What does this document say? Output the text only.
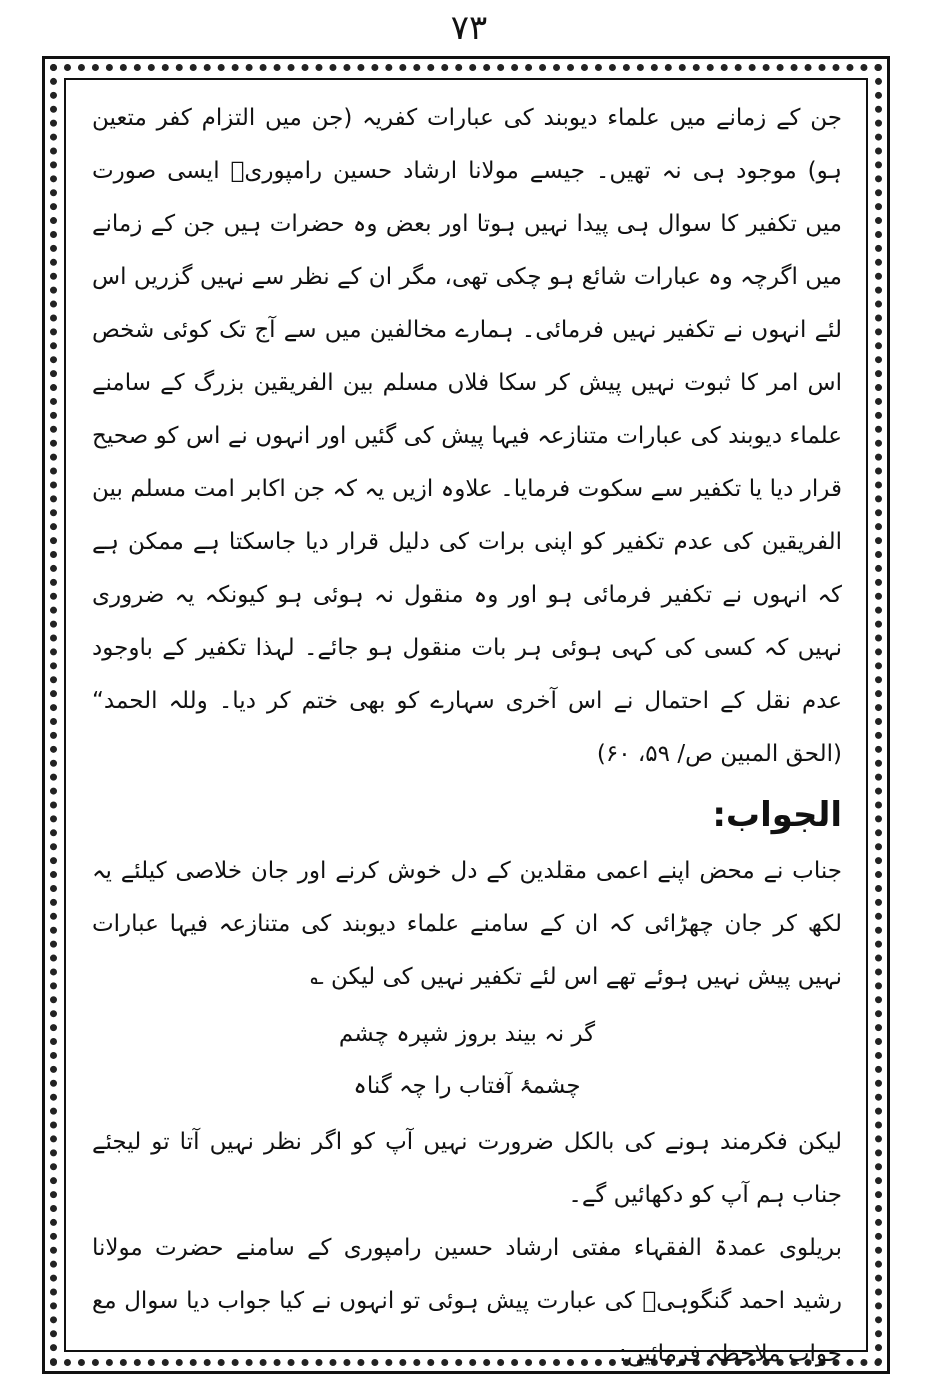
۷۳

جن کے زمانے میں علماء دیوبند کی عبارات کفریہ (جن میں التزام کفر متعین ہو) موجود ہی نہ تھیں۔ جیسے مولانا ارشاد حسین رامپوریؒ ایسی صورت میں تکفیر کا سوال ہی پیدا نہیں ہوتا اور بعض وہ حضرات ہیں جن کے زمانے میں اگرچہ وہ عبارات شائع ہو چکی تھی، مگر ان کے نظر سے نہیں گزریں اس لئے انہوں نے تکفیر نہیں فرمائی۔ ہمارے مخالفین میں سے آج تک کوئی شخص اس امر کا ثبوت نہیں پیش کر سکا فلاں مسلم بین الفریقین بزرگ کے سامنے علماء دیوبند کی عبارات متنازعہ فیہا پیش کی گئیں اور انہوں نے اس کو صحیح قرار دیا یا تکفیر سے سکوت فرمایا۔ علاوہ ازیں یہ کہ جن اکابر امت مسلم بین الفریقین کی عدم تکفیر کو اپنی برات کی دلیل قرار دیا جاسکتا ہے ممکن ہے کہ انہوں نے تکفیر فرمائی ہو اور وہ منقول نہ ہوئی ہو کیونکہ یہ ضروری نہیں کہ کسی کی کہی ہوئی ہر بات منقول ہو جائے۔ لہذا تکفیر کے باوجود عدم نقل کے احتمال نے اس آخری سہارے کو بھی ختم کر دیا۔ وللہ الحمد“ (الحق المبین ص/ ۵۹، ۶۰)

الجواب:

جناب نے محض اپنے اعمی مقلدین کے دل خوش کرنے اور جان خلاصی کیلئے یہ لکھ کر جان چھڑائی کہ ان کے سامنے علماء دیوبند کی متنازعہ فیہا عبارات نہیں پیش نہیں ہوئے تھے اس لئے تکفیر نہیں کی لیکن ؎

گر نہ بیند بروز شپرہ چشم
چشمۂ آفتاب را چہ گناہ

لیکن فکرمند ہونے کی بالکل ضرورت نہیں آپ کو اگر نظر نہیں آتا تو لیجئے جناب ہم آپ کو دکھائیں گے۔

بریلوی عمدۃ الفقہاء مفتی ارشاد حسین رامپوری کے سامنے حضرت مولانا رشید احمد گنگوہیؒ کی عبارت پیش ہوئی تو انہوں نے کیا جواب دیا سوال مع جواب ملاحظہ فرمائیں:
